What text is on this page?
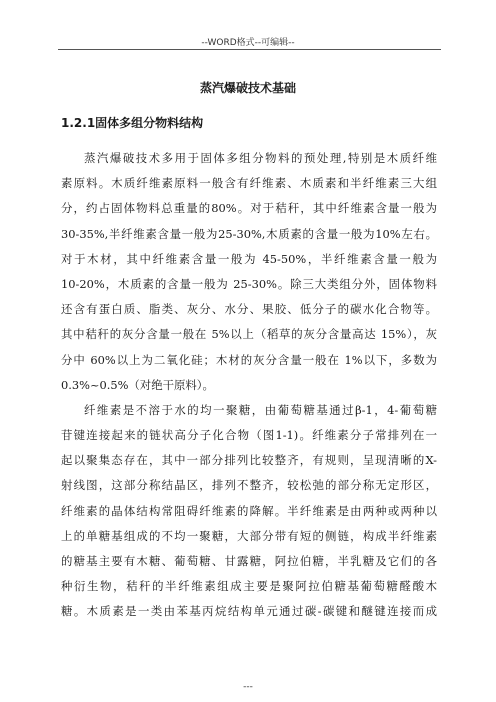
--WORD格式--可编辑--
蒸汽爆破技术基础
1.2.1固体多组分物料结构
蒸汽爆破技术多用于固体多组分物料的预处理,特别是木质纤维
素原料。木质纤维素原料一般含有纤维素、木质素和半纤维素三大组
分，约占固体物料总重量的80%。对于秸秆，其中纤维素含量一般为
30-35%,半纤维素含量一般为25-30%,木质素的含量一般为10%左右。
对于木材，其中纤维素含量一般为 45-50%，半纤维素含量一般为
10-20%，木质素的含量一般为 25-30%。除三大类组分外，固体物料
还含有蛋白质、脂类、灰分、水分、果胶、低分子的碳水化合物等。
其中秸秆的灰分含量一般在 5%以上（稻草的灰分含量高达 15%），灰
分中 60%以上为二氧化硅；木材的灰分含量一般在 1%以下，多数为
0.3%~0.5%（对绝干原料）。
纤维素是不溶于水的均一聚糖，由葡萄糖基通过β-1，4-葡萄糖
苷键连接起来的链状高分子化合物（图1-1)。纤维素分子常排列在一
起以聚集态存在，其中一部分排列比较整齐，有规则，呈现清晰的X-
射线图，这部分称结晶区，排列不整齐，较松弛的部分称无定形区，
纤维素的晶体结构常阻碍纤维素的降解。半纤维素是由两种或两种以
上的单糖基组成的不均一聚糖，大部分带有短的侧链，构成半纤维素
的糖基主要有木糖、葡萄糖、甘露糖，阿拉伯糖，半乳糖及它们的各
种衍生物，秸秆的半纤维素组成主要是聚阿拉伯糖基葡萄糖醛酸木
糖。木质素是一类由苯基丙烷结构单元通过碳-碳键和醚键连接而成
---
